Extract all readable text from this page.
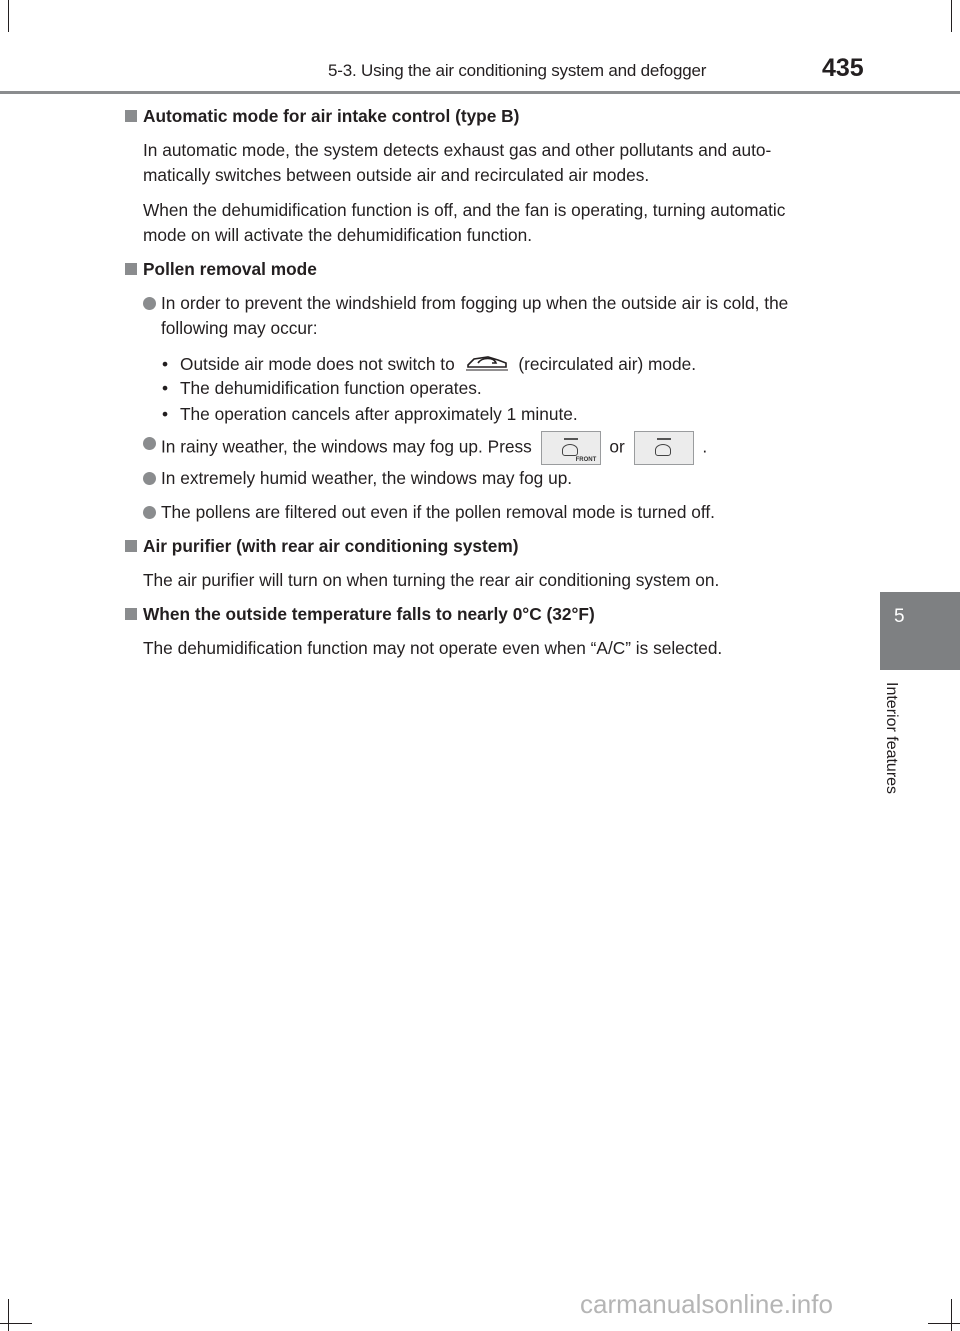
5-3. Using the air conditioning system and defogger	435
5
Interior features
Automatic mode for air intake control (type B)
In automatic mode, the system detects exhaust gas and other pollutants and auto-
matically switches between outside air and recirculated air modes.
When the dehumidification function is off, and the fan is operating, turning automatic
mode on will activate the dehumidification function.
Pollen removal mode
In order to prevent the windshield from fogging up when the outside air is cold, the
following may occur:
• Outside air mode does not switch to	(recirculated air) mode.
• The dehumidification function operates.
• The operation cancels after approximately 1 minute.
In rainy weather, the windows may fog up. Press
FRONT
or	.
In extremely humid weather, the windows may fog up.
The pollens are filtered out even if the pollen removal mode is turned off.
Air purifier (with rear air conditioning system)
The air purifier will turn on when turning the rear air conditioning system on.
When the outside temperature falls to nearly 0°C (32°F)
The dehumidification function may not operate even when “A/C” is selected.
carmanualsonline.info
